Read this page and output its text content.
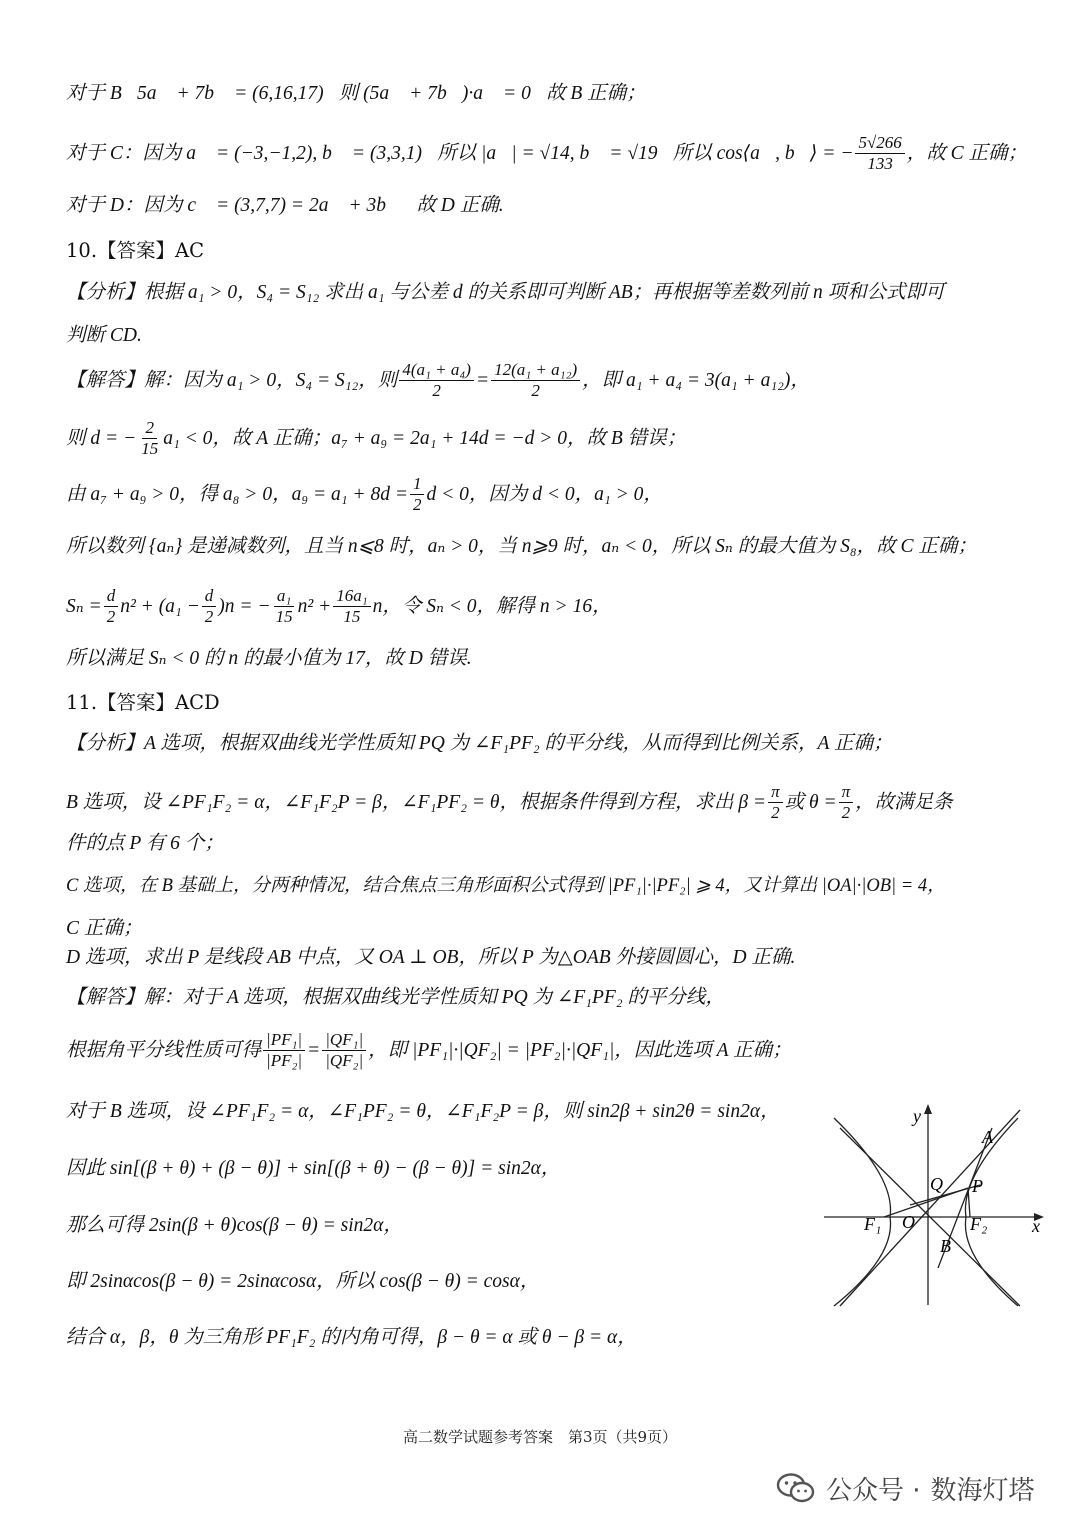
对于 B：5a⃗ + 7b⃗ = (6,16,17)，则 (5a⃗ + 7b⃗)·a⃗ = 0，故 B 正确；
对于 C：因为 a⃗ = (−3,−1,2), b⃗ = (3,3,1)，所以 |a⃗| = √14, b⃗ = √19，所以 cos⟨a⃗, b⃗⟩ = − $\frac{5√266}{133}$ ，故 C 正确；
对于 D：因为 c⃗ = (3,7,7) = 2a⃗ + 3b⃗，故 D 正确.
10.【答案】AC
【分析】根据 a₁ > 0，S₄ = S₁₂ 求出 a₁ 与公差 d 的关系即可判断 AB；再根据等差数列前 n 项和公式即可
判断 CD.
【解答】解：因为 a₁ > 0，S₄ = S₁₂，则 $\frac{\text{4(a₁ + a₄)}}{2} = \frac{\text{12(a₁ + a₁₂)}}{2}$ ，即 a₁ + a₄ = 3(a₁ + a₁₂)，
则 d = − $\frac{2}{15} a_1 < 0$，故 A 正确；a₇ + a₉ = 2a₁ + 14d = −d > 0，故 B 错误；
由 a₇ + a₉ > 0，得 a₈ > 0，$a_9 = a_1 + 8d = \frac{1}{2}$ d < 0，因为 d < 0，a₁ > 0，
所以数列 {aₙ} 是递减数列，且当 n⩽8 时，aₙ > 0，当 n⩾9 时，aₙ < 0，所以 Sₙ 的最大值为 S₈，故 C 正确；
$S_n = \frac{d}{2} n^2 + (a_1 - \frac{d}{2} )n$ = − $\frac{\text{a₁}}{15} n^2 + \frac{\text{16a₁}}{15}$ n，令 Sₙ < 0，解得 n > 16，
所以满足 Sₙ < 0 的 n 的最小值为 17，故 D 错误.
11.【答案】ACD
【分析】A 选项，根据双曲线光学性质知 PQ 为 ∠F₁PF₂ 的平分线，从而得到比例关系，A 正确；
B 选项，设 ∠PF₁F₂ = α，∠F₁F₂P = β，∠F₁PF₂ = θ，根据条件得到方程，求出 $\beta = \frac{\pi}{2}$ 或 $\theta = \frac{\pi}{2}$ ，故满足条
件的点 P 有 6 个；
C 选项，在 B 基础上，分两种情况，结合焦点三角形面积公式得到 |PF₁|·|PF₂| ⩾ 4，又计算出 |OA|·|OB| = 4，
C 正确；
D 选项，求出 P 是线段 AB 中点，又 OA ⊥ OB，所以 P 为△OAB 外接圆圆心，D 正确.
【解答】解：对于 A 选项，根据双曲线光学性质知 PQ 为 ∠F₁PF₂ 的平分线，
根据角平分线性质可得 $\frac{\text{|PF₁|}}{\text{|PF₂|}} = \frac{\text{|QF₁|}}{\text{|QF₂|}}$ ，即 |PF₁|·|QF₂| = |PF₂|·|QF₁|，因此选项 A 正确；
对于 B 选项，设 ∠PF₁F₂ = α，∠F₁PF₂ = θ，∠F₁F₂P = β，则 sin2β + sin2θ = sin2α，
因此 sin[(β + θ) + (β − θ)] + sin[(β + θ) − (β − θ)] = sin2α，
那么可得 2sin(β + θ)cos(β − θ) = sin2α，
即 2sinαcos(β − θ) = 2sinαcosα，所以 cos(β − θ) = cosα，
结合 α，β，θ 为三角形 PF₁F₂ 的内角可得，β − θ = α 或 θ − β = α，
y
x
A
Q P
F₁ O	F₂
B
高二数学试题参考答案　第3页（共9页）
公众号 · 数海灯塔
